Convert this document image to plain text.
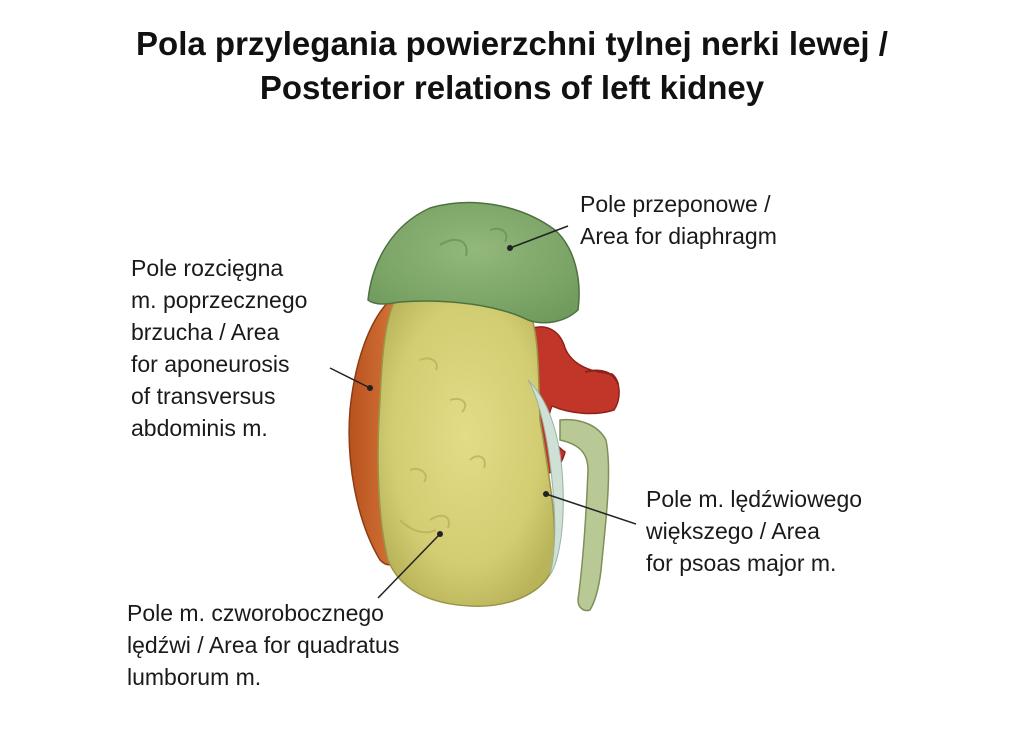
Pola przylegania powierzchni tylnej nerki lewej /
Posterior relations of left kidney
Pole przeponowe /
Area for diaphragm
Pole rozcięgna
m. poprzecznego
brzucha / Area
for aponeurosis
of transversus
abdominis m.
Pole m. lędźwiowego
większego / Area
for psoas major m.
Pole m. czworobocznego
lędźwi / Area for quadratus
lumborum m.
